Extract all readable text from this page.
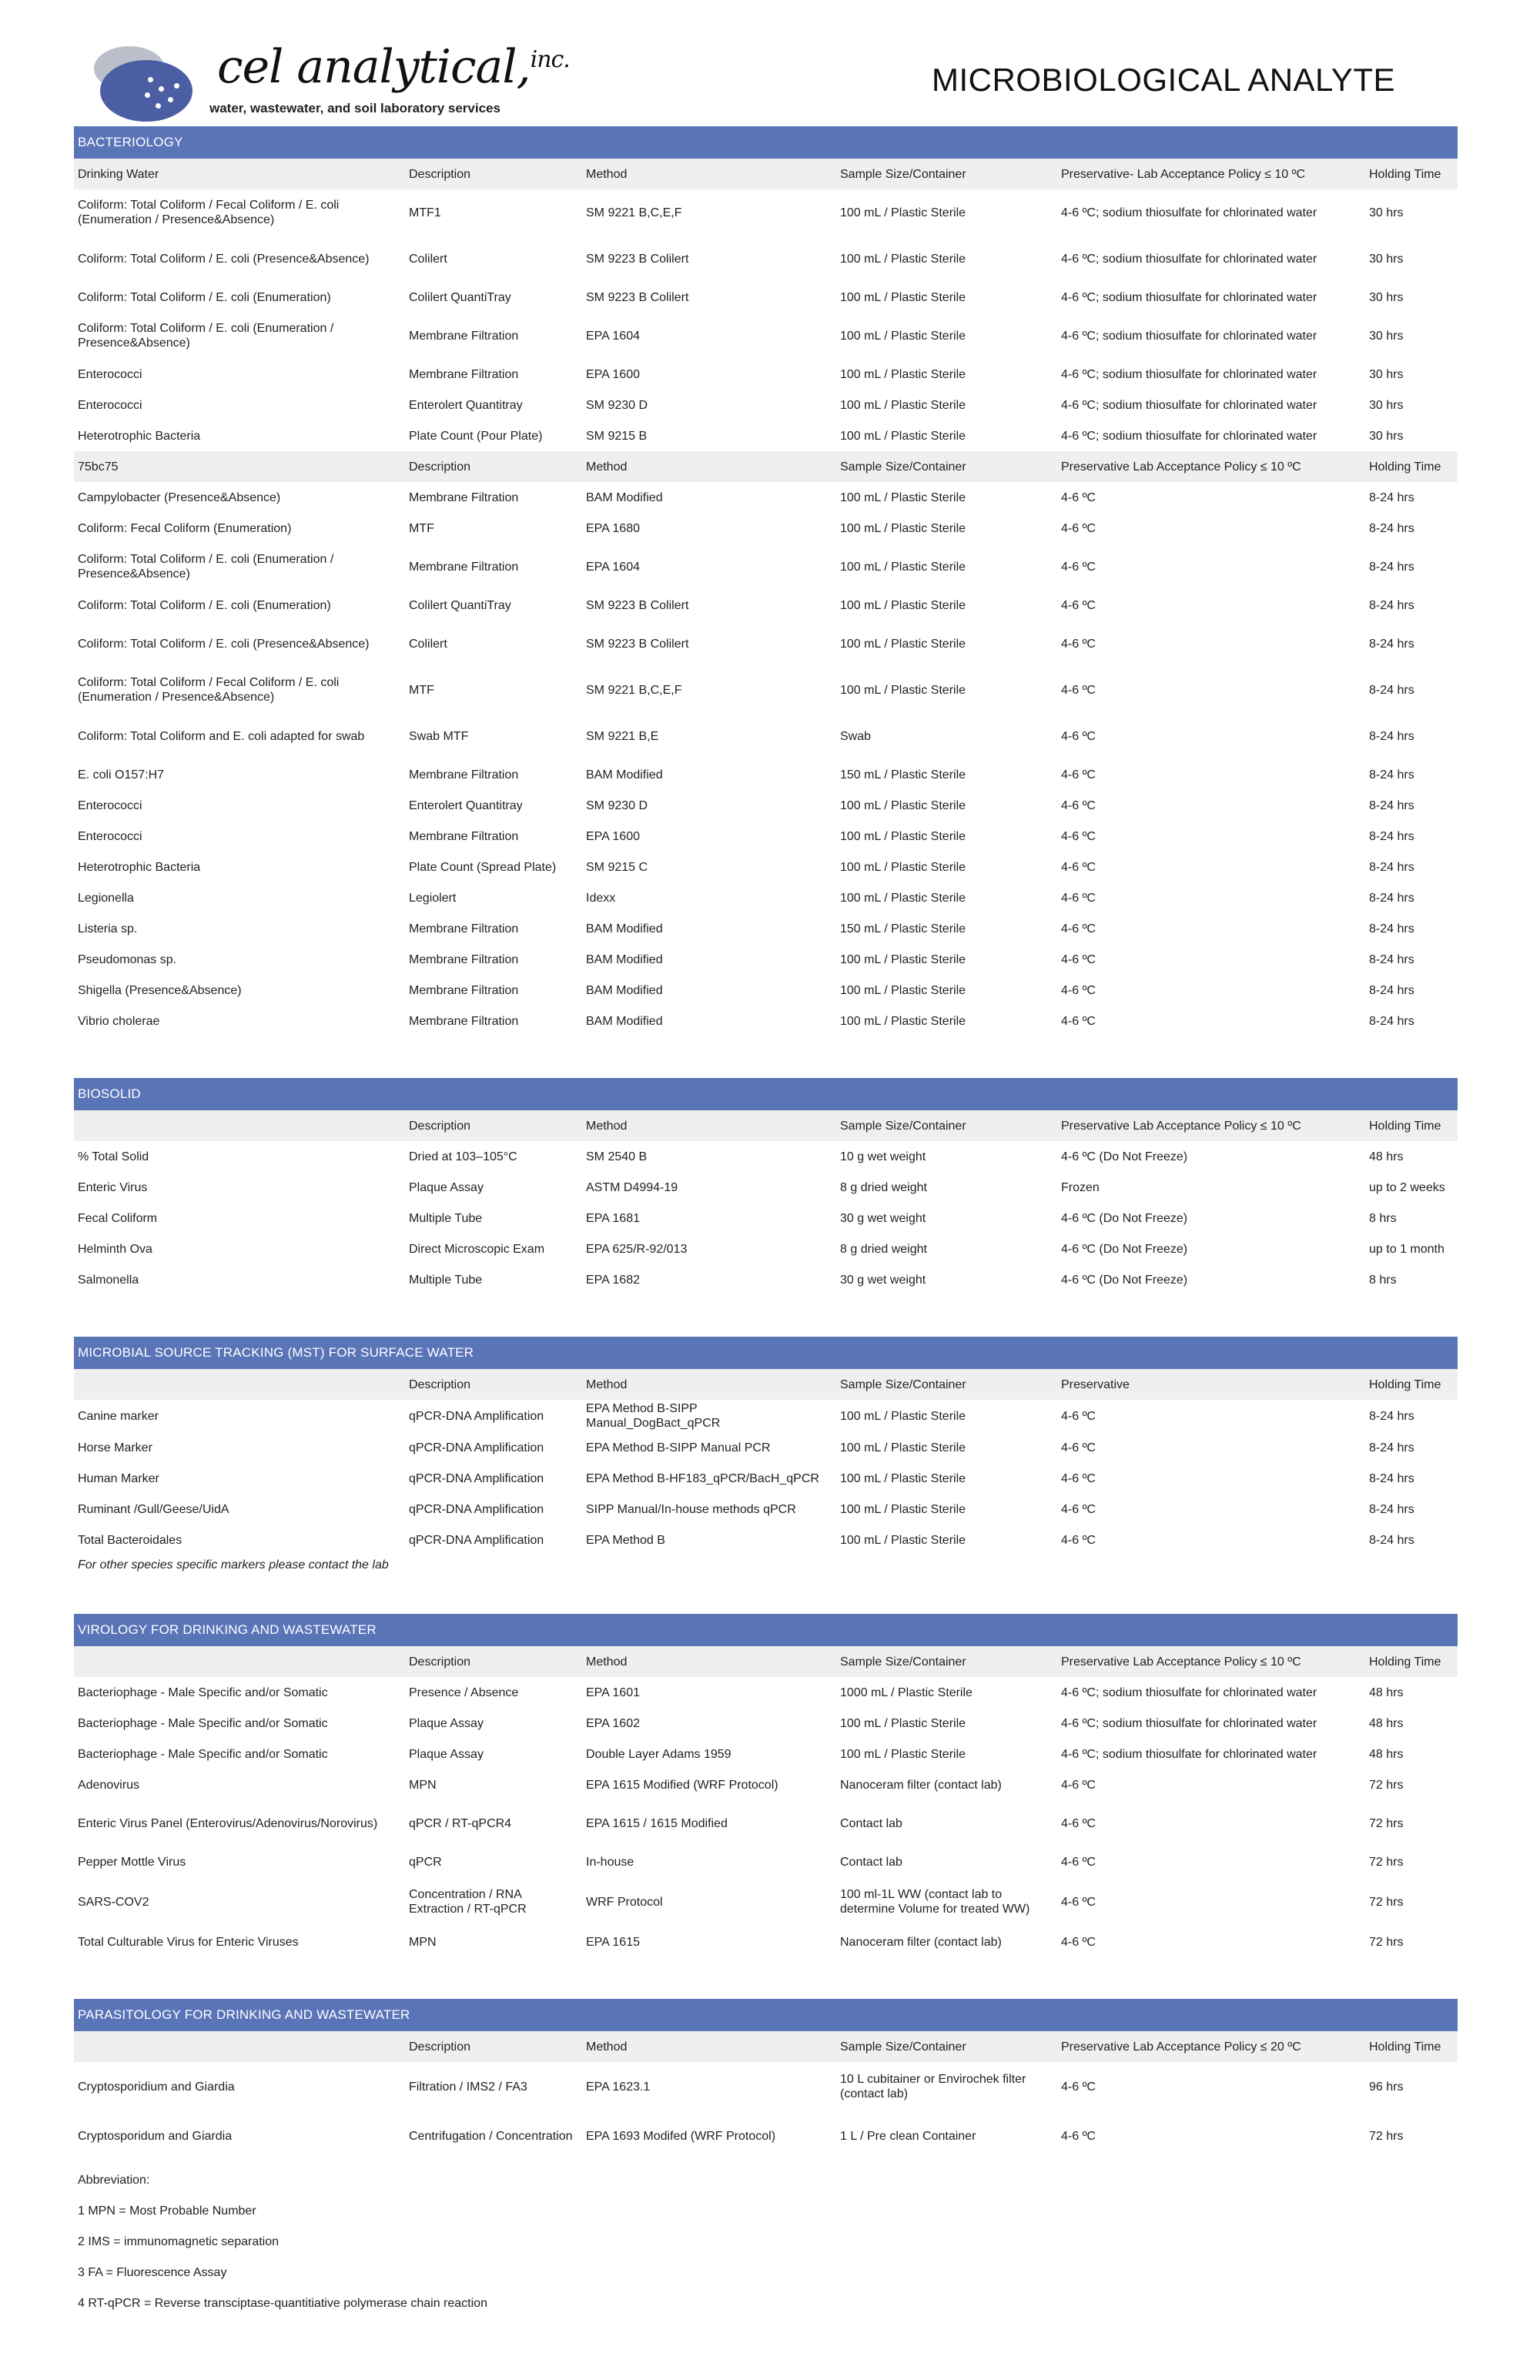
cel analytical,$^{inc.}$
water, wastewater, and soil laboratory services
MICROBIOLOGICAL ANALYTE
BACTERIOLOGY
Drinking Water	Description	Method	Sample Size/Container	Preservative- Lab Acceptance Policy ≤ 10 ºC	Holding Time
Coliform: Total Coliform / Fecal Coliform / E. coli (Enumeration / Presence&Absence)	MTF1	SM 9221 B,C,E,F	100 mL / Plastic Sterile	4-6 ºC; sodium thiosulfate for chlorinated water	30 hrs
Coliform: Total Coliform / E. coli (Presence&Absence)	Colilert	SM 9223 B Colilert	100 mL / Plastic Sterile	4-6 ºC; sodium thiosulfate for chlorinated water	30 hrs
Coliform: Total Coliform / E. coli (Enumeration)	Colilert QuantiTray	SM 9223 B Colilert	100 mL / Plastic Sterile	4-6 ºC; sodium thiosulfate for chlorinated water	30 hrs
Coliform: Total Coliform / E. coli (Enumeration / Presence&Absence)	Membrane Filtration	EPA 1604	100 mL / Plastic Sterile	4-6 ºC; sodium thiosulfate for chlorinated water	30 hrs
Enterococci	Membrane Filtration	EPA 1600	100 mL / Plastic Sterile	4-6 ºC; sodium thiosulfate for chlorinated water	30 hrs
Enterococci	Enterolert Quantitray	SM 9230 D	100 mL / Plastic Sterile	4-6 ºC; sodium thiosulfate for chlorinated water	30 hrs
Heterotrophic Bacteria	Plate Count (Pour Plate)	SM 9215 B	100 mL / Plastic Sterile	4-6 ºC; sodium thiosulfate for chlorinated water	30 hrs
75bc75	Description	Method	Sample Size/Container	Preservative Lab Acceptance Policy ≤ 10 ºC	Holding Time
Campylobacter (Presence&Absence)	Membrane Filtration	BAM Modified	100 mL / Plastic Sterile	4-6 ºC	8-24 hrs
Coliform: Fecal Coliform (Enumeration)	MTF	EPA 1680	100 mL / Plastic Sterile	4-6 ºC	8-24 hrs
Coliform: Total Coliform / E. coli (Enumeration / Presence&Absence)	Membrane Filtration	EPA 1604	100 mL / Plastic Sterile	4-6 ºC	8-24 hrs
Coliform: Total Coliform / E. coli (Enumeration)	Colilert QuantiTray	SM 9223 B Colilert	100 mL / Plastic Sterile	4-6 ºC	8-24 hrs
Coliform: Total Coliform / E. coli (Presence&Absence)	Colilert	SM 9223 B Colilert	100 mL / Plastic Sterile	4-6 ºC	8-24 hrs
Coliform: Total Coliform / Fecal Coliform / E. coli (Enumeration / Presence&Absence)	MTF	SM 9221 B,C,E,F	100 mL / Plastic Sterile	4-6 ºC	8-24 hrs
Coliform: Total Coliform and E. coli adapted for swab	Swab MTF	SM 9221 B,E	Swab	4-6 ºC	8-24 hrs
E. coli O157:H7	Membrane Filtration	BAM Modified	150 mL / Plastic Sterile	4-6 ºC	8-24 hrs
Enterococci	Enterolert Quantitray	SM 9230 D	100 mL / Plastic Sterile	4-6 ºC	8-24 hrs
Enterococci	Membrane Filtration	EPA 1600	100 mL / Plastic Sterile	4-6 ºC	8-24 hrs
Heterotrophic Bacteria	Plate Count (Spread Plate)	SM 9215 C	100 mL / Plastic Sterile	4-6 ºC	8-24 hrs
Legionella	Legiolert	Idexx	100 mL / Plastic Sterile	4-6 ºC	8-24 hrs
Listeria sp.	Membrane Filtration	BAM Modified	150 mL / Plastic Sterile	4-6 ºC	8-24 hrs
Pseudomonas sp.	Membrane Filtration	BAM Modified	100 mL / Plastic Sterile	4-6 ºC	8-24 hrs
Shigella (Presence&Absence)	Membrane Filtration	BAM Modified	100 mL / Plastic Sterile	4-6 ºC	8-24 hrs
Vibrio cholerae	Membrane Filtration	BAM Modified	100 mL / Plastic Sterile	4-6 ºC	8-24 hrs
BIOSOLID
	Description	Method	Sample Size/Container	Preservative Lab Acceptance Policy ≤ 10 ºC	Holding Time
% Total Solid	Dried at 103–105°C	SM 2540 B	10 g wet weight	4-6 ºC (Do Not Freeze)	48 hrs
Enteric Virus	Plaque Assay	ASTM D4994-19	8 g dried weight	Frozen	up to 2 weeks
Fecal Coliform	Multiple Tube	EPA 1681	30 g wet weight	4-6 ºC (Do Not Freeze)	8 hrs
Helminth Ova	Direct Microscopic Exam	EPA 625/R-92/013	8 g dried weight	4-6 ºC (Do Not Freeze)	up to 1 month
Salmonella	Multiple Tube	EPA 1682	30 g wet weight	4-6 ºC (Do Not Freeze)	8 hrs
MICROBIAL SOURCE TRACKING (MST) FOR SURFACE WATER
	Description	Method	Sample Size/Container	Preservative	Holding Time
Canine marker	qPCR-DNA Amplification	EPA Method B-SIPP Manual_DogBact_qPCR	100 mL / Plastic Sterile	4-6 ºC	8-24 hrs
Horse Marker	qPCR-DNA Amplification	EPA Method B-SIPP Manual PCR	100 mL / Plastic Sterile	4-6 ºC	8-24 hrs
Human Marker	qPCR-DNA Amplification	EPA Method B-HF183_qPCR/BacH_qPCR	100 mL / Plastic Sterile	4-6 ºC	8-24 hrs
Ruminant /Gull/Geese/UidA	qPCR-DNA Amplification	SIPP Manual/In-house methods qPCR	100 mL / Plastic Sterile	4-6 ºC	8-24 hrs
Total Bacteroidales	qPCR-DNA Amplification	EPA Method B	100 mL / Plastic Sterile	4-6 ºC	8-24 hrs
For other species specific markers please contact the lab
VIROLOGY FOR DRINKING AND WASTEWATER
	Description	Method	Sample Size/Container	Preservative Lab Acceptance Policy ≤ 10 ºC	Holding Time
Bacteriophage - Male Specific and/or Somatic	Presence / Absence	EPA 1601	1000 mL / Plastic Sterile	4-6 ºC; sodium thiosulfate for chlorinated water	48 hrs
Bacteriophage - Male Specific and/or Somatic	Plaque Assay	EPA 1602	100 mL / Plastic Sterile	4-6 ºC; sodium thiosulfate for chlorinated water	48 hrs
Bacteriophage - Male Specific and/or Somatic	Plaque Assay	Double Layer Adams 1959	100 mL / Plastic Sterile	4-6 ºC; sodium thiosulfate for chlorinated water	48 hrs
Adenovirus	MPN	EPA 1615 Modified (WRF Protocol)	Nanoceram filter (contact lab)	4-6 ºC	72 hrs
Enteric Virus Panel (Enterovirus/Adenovirus/Norovirus)	qPCR / RT-qPCR4	EPA 1615 / 1615 Modified	Contact lab	4-6 ºC	72 hrs
Pepper Mottle Virus	qPCR	In-house	Contact lab	4-6 ºC	72 hrs
SARS-COV2	Concentration / RNA Extraction / RT-qPCR	WRF Protocol	100 ml-1L WW (contact lab to determine Volume for treated WW)	4-6 ºC	72 hrs
Total Culturable Virus for Enteric Viruses	MPN	EPA 1615	Nanoceram filter (contact lab)	4-6 ºC	72 hrs
PARASITOLOGY FOR DRINKING AND WASTEWATER
	Description	Method	Sample Size/Container	Preservative Lab Acceptance Policy ≤ 20 ºC	Holding Time
Cryptosporidium and Giardia	Filtration / IMS2 / FA3	EPA 1623.1	10 L cubitainer or Envirochek filter (contact lab)	4-6 ºC	96 hrs
Cryptosporidum and Giardia	Centrifugation / Concentration	EPA 1693 Modifed (WRF Protocol)	1 L / Pre clean Container	4-6 ºC	72 hrs
Abbreviation:
1 MPN = Most Probable Number
2 IMS = immunomagnetic separation
3 FA = Fluorescence Assay
4 RT-qPCR = Reverse transciptase-quantitiative polymerase chain reaction
